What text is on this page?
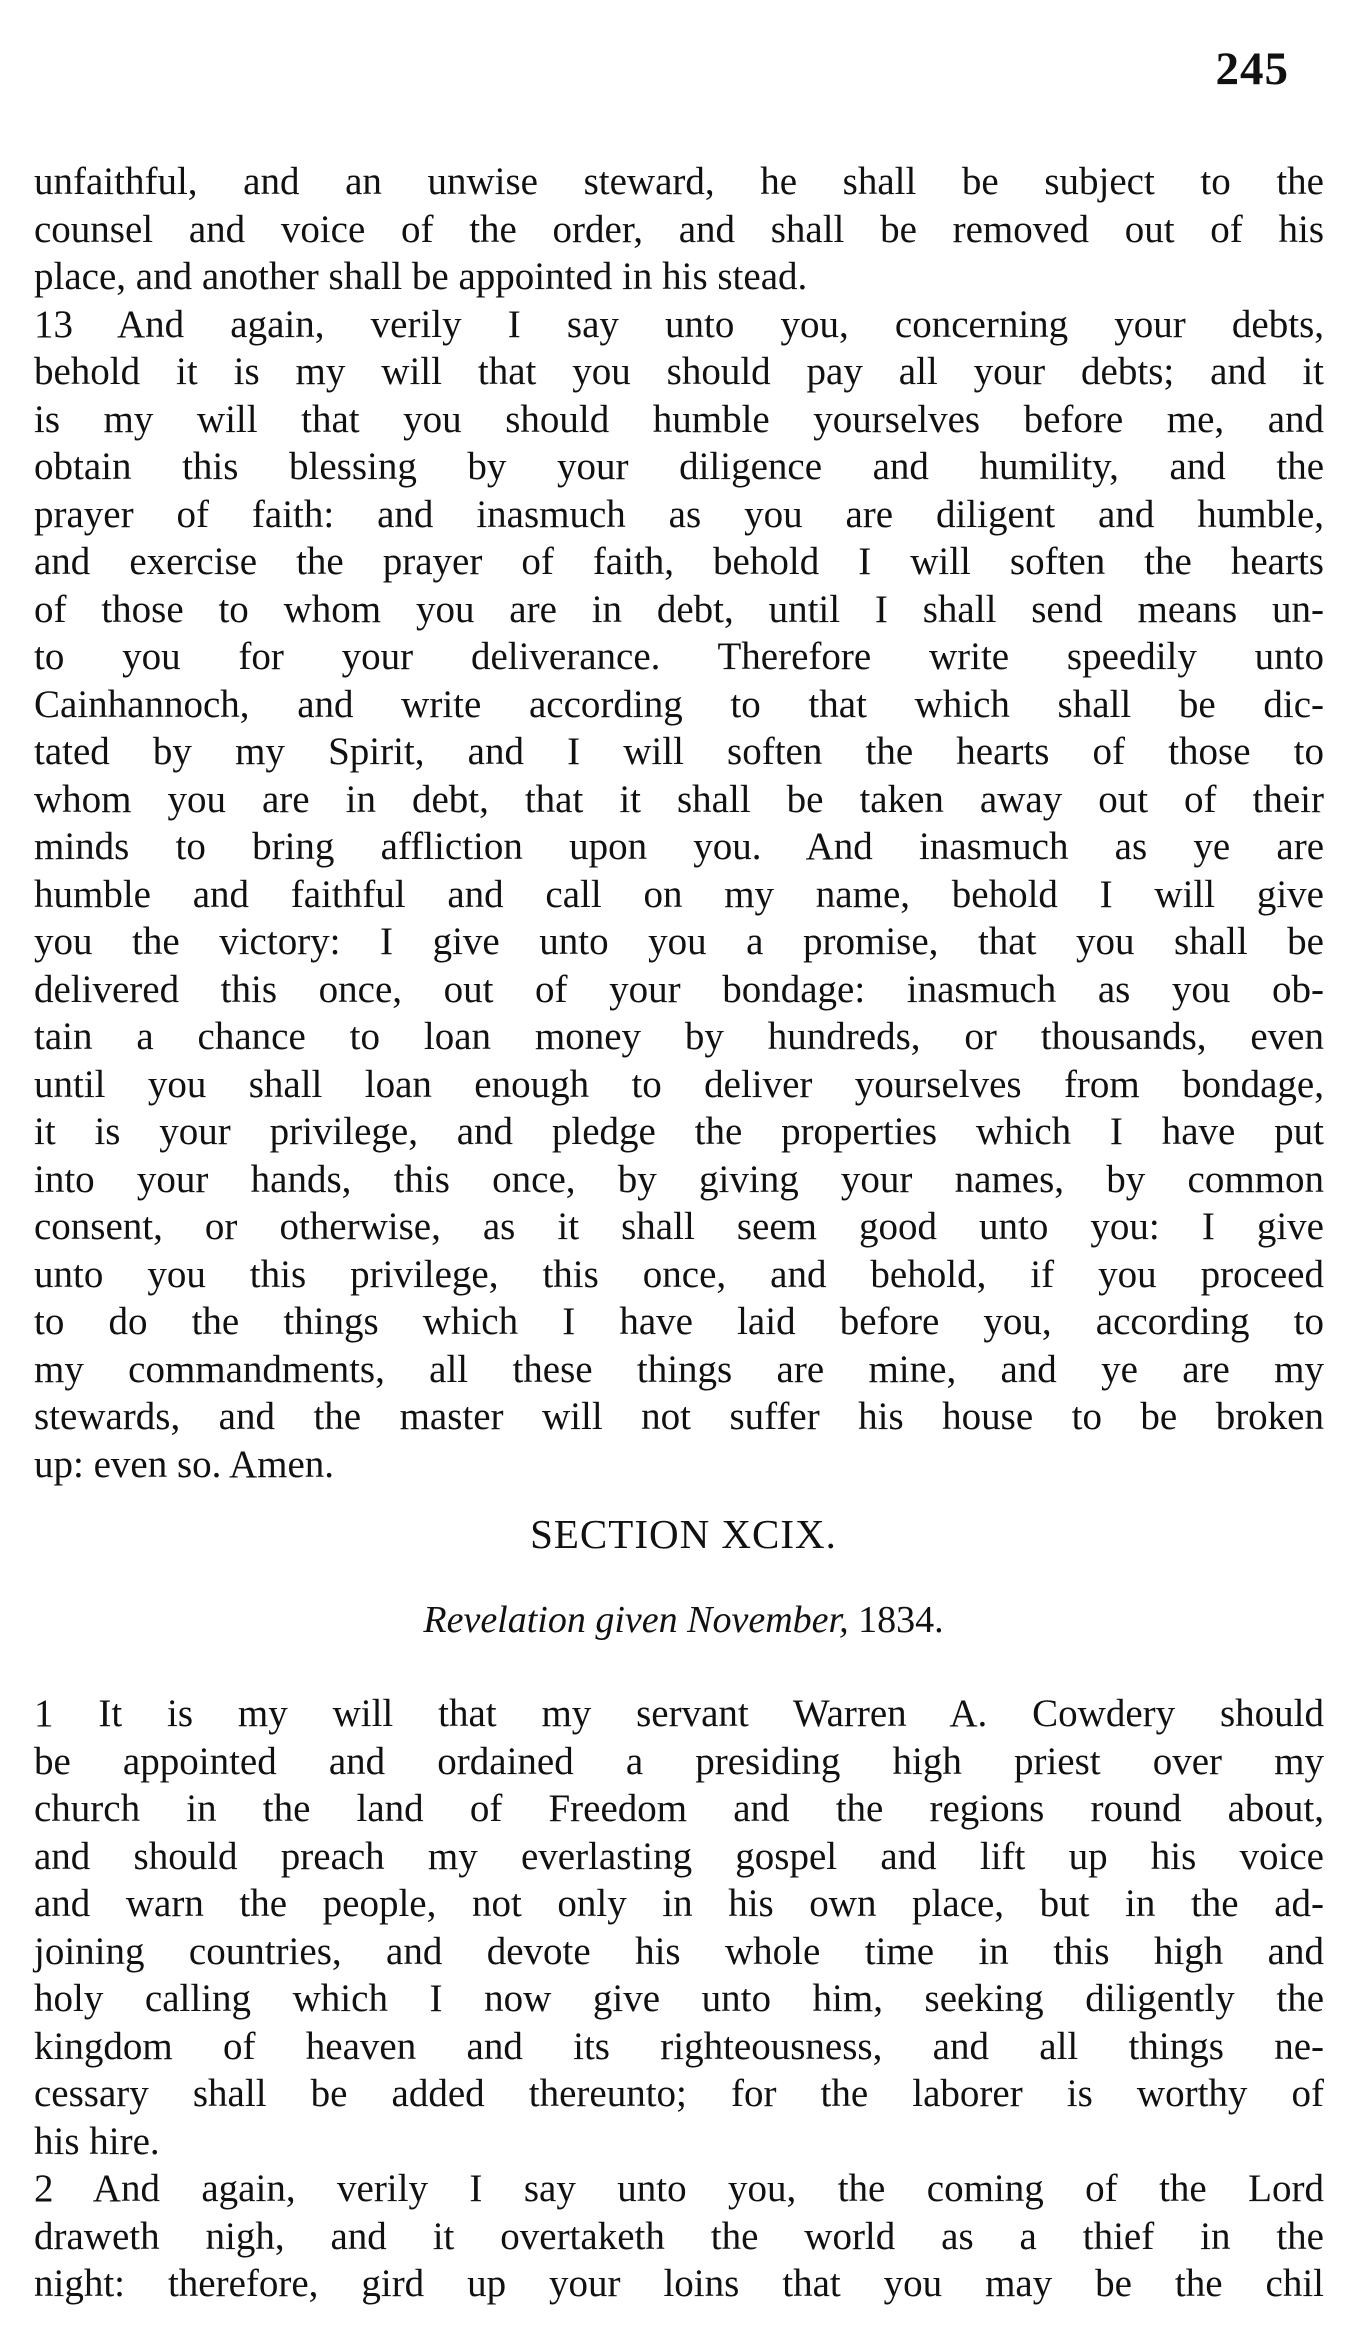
245
unfaithful, and an unwise steward, he shall be subject to the
counsel and voice of the order, and shall be removed out of his
place, and another shall be appointed in his stead.
13 And again, verily I say unto you, concerning your debts,
behold it is my will that you should pay all your debts; and it
is my will that you should humble yourselves before me, and
obtain this blessing by your diligence and humility, and the
prayer of faith: and inasmuch as you are diligent and humble,
and exercise the prayer of faith, behold I will soften the hearts
of those to whom you are in debt, until I shall send means un-
to you for your deliverance. Therefore write speedily unto
Cainhannoch, and write according to that which shall be dic-
tated by my Spirit, and I will soften the hearts of those to
whom you are in debt, that it shall be taken away out of their
minds to bring affliction upon you. And inasmuch as ye are
humble and faithful and call on my name, behold I will give
you the victory: I give unto you a promise, that you shall be
delivered this once, out of your bondage: inasmuch as you ob-
tain a chance to loan money by hundreds, or thousands, even
until you shall loan enough to deliver yourselves from bondage,
it is your privilege, and pledge the properties which I have put
into your hands, this once, by giving your names, by common
consent, or otherwise, as it shall seem good unto you: I give
unto you this privilege, this once, and behold, if you proceed
to do the things which I have laid before you, according to
my commandments, all these things are mine, and ye are my
stewards, and the master will not suffer his house to be broken
up: even so. Amen.
SECTION XCIX.
Revelation given November, 1834.
1 It is my will that my servant Warren A. Cowdery should
be appointed and ordained a presiding high priest over my
church in the land of Freedom and the regions round about,
and should preach my everlasting gospel and lift up his voice
and warn the people, not only in his own place, but in the ad-
joining countries, and devote his whole time in this high and
holy calling which I now give unto him, seeking diligently the
kingdom of heaven and its righteousness, and all things ne-
cessary shall be added thereunto; for the laborer is worthy of
his hire.
2 And again, verily I say unto you, the coming of the Lord
draweth nigh, and it overtaketh the world as a thief in the
night: therefore, gird up your loins that you may be the chil
